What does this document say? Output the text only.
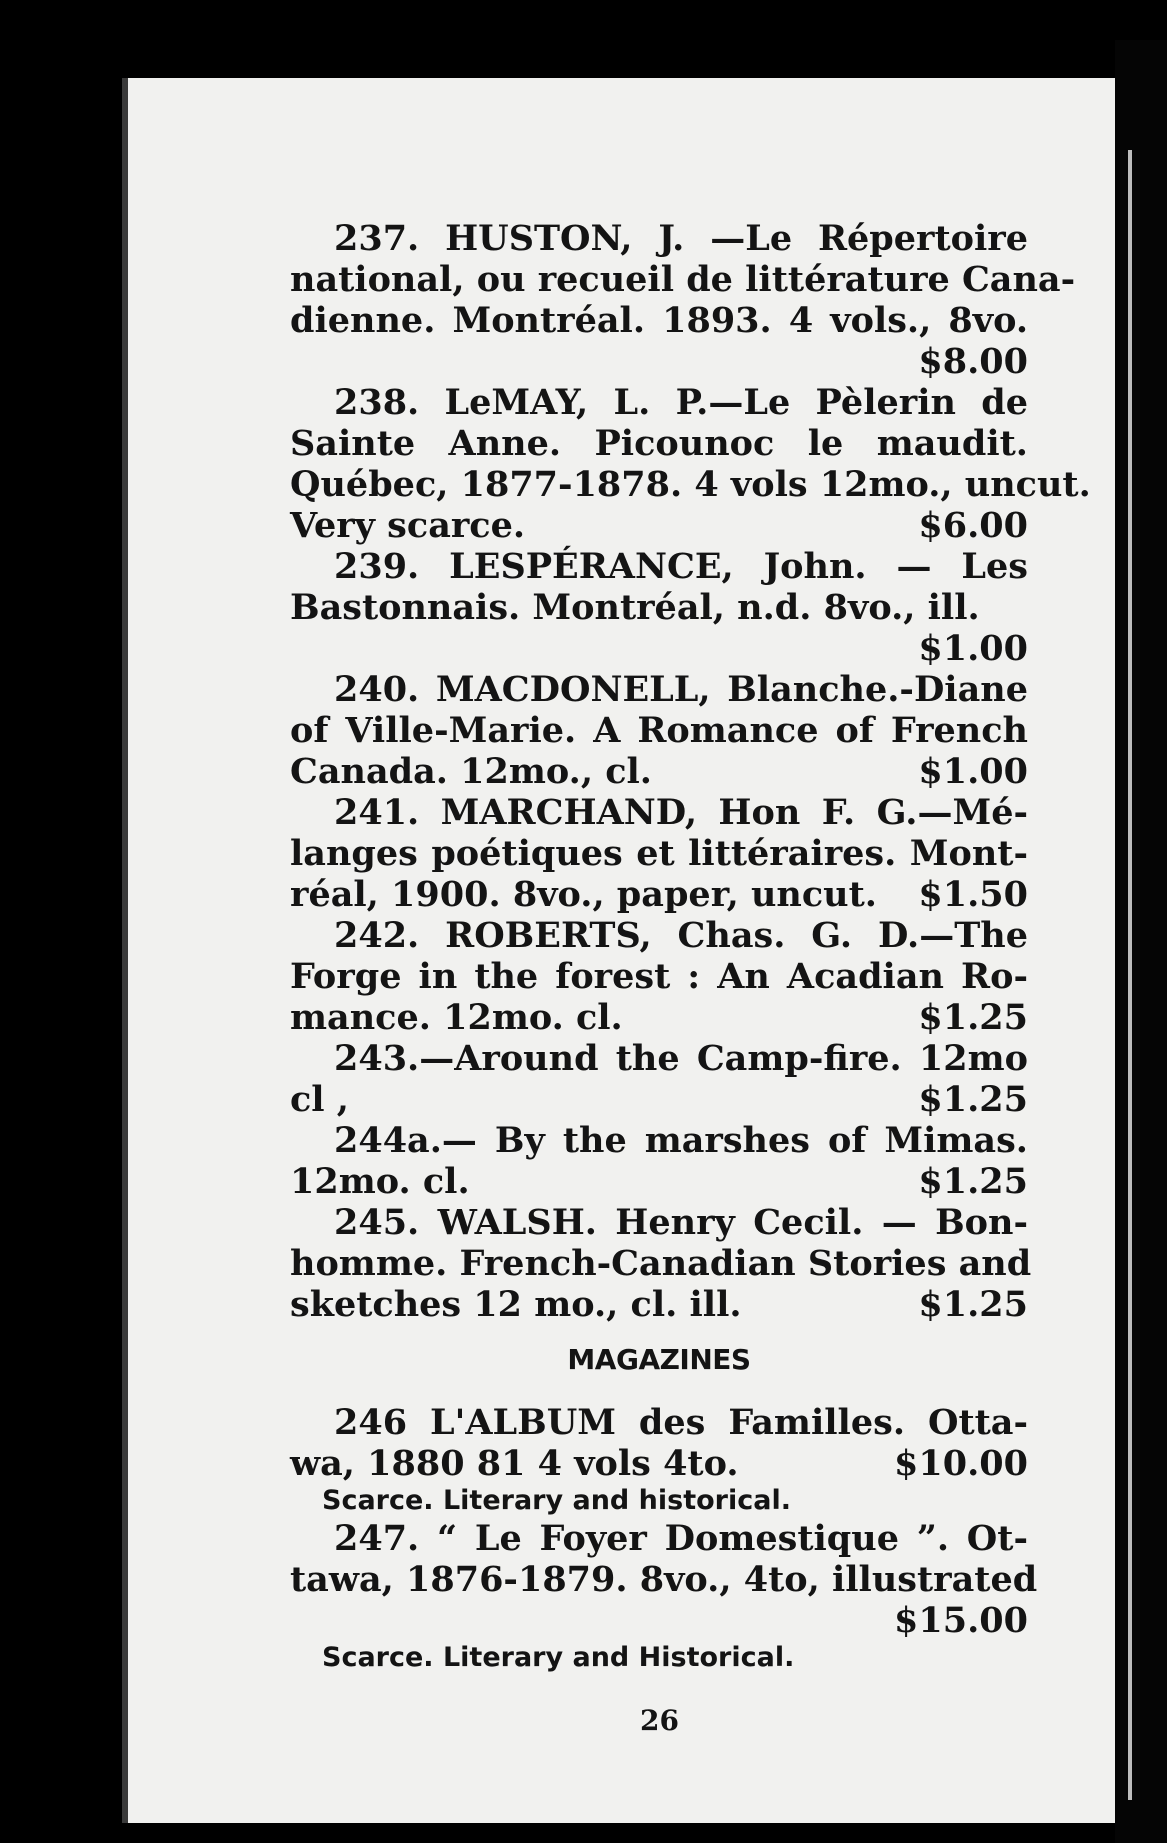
237. HUSTON, J. —Le Répertoire
national, ou recueil de littérature Cana-
dienne. Montréal. 1893. 4 vols., 8vo.
$8.00
238. LeMAY, L. P.—Le Pèlerin de
Sainte Anne. Picounoc le maudit.
Québec, 1877-1878. 4 vols 12mo., uncut.
Very scarce.	$6.00
239. LESPÉRANCE, John. — Les
Bastonnais. Montréal, n.d. 8vo., ill.
$1.00
240. MACDONELL, Blanche.-Diane
of Ville-Marie. A Romance of French
Canada. 12mo., cl.	$1.00
241. MARCHAND, Hon F. G.—Mé-
langes poétiques et littéraires. Mont-
réal, 1900. 8vo., paper, uncut. $1.50
242. ROBERTS, Chas. G. D.—The
Forge in the forest : An Acadian Ro-
mance. 12mo. cl.	$1.25
243.—Around the Camp-fire. 12mo
cl ,	$1.25
244a.— By the marshes of Mimas.
12mo. cl.	$1.25
245. WALSH. Henry Cecil. — Bon-
homme. French-Canadian Stories and
sketches 12 mo., cl. ill.	$1.25
MAGAZINES
246 L'ALBUM des Familles. Otta-
wa, 1880 81 4 vols 4to.	$10.00
Scarce. Literary and historical.
247. “ Le Foyer Domestique ”. Ot-
tawa, 1876-1879. 8vo., 4to, illustrated
$15.00
Scarce. Literary and Historical.
26
